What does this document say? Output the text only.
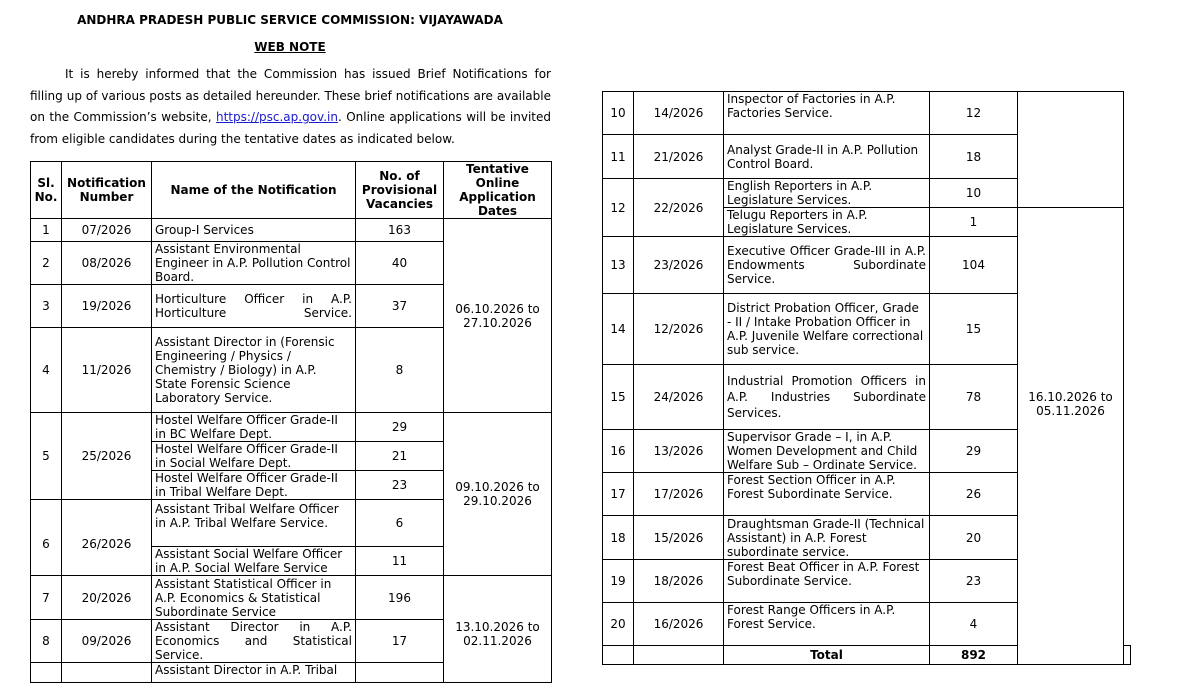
ANDHRA PRADESH PUBLIC SERVICE COMMISSION: VIJAYAWADA
WEB NOTE

It is hereby informed that the Commission has issued Brief Notifications for filling up of various posts as detailed hereunder. These brief notifications are available on the Commission’s website, https://psc.ap.gov.in. Online applications will be invited from eligible candidates during the tentative dates as indicated below.

Sl. No.	Notification Number	Name of the Notification	No. of Provisional Vacancies	Tentative Online Application Dates
1	07/2026	Group-I Services	163	06.10.2026 to 27.10.2026
2	08/2026	Assistant Environmental Engineer in A.P. Pollution Control Board.	40	
3	19/2026	Horticulture Officer in A.P. Horticulture Service.	37	
4	11/2026	Assistant Director in (Forensic Engineering / Physics / Chemistry / Biology) in A.P. State Forensic Science Laboratory Service.	8	
5	25/2026	Hostel Welfare Officer Grade-II in BC Welfare Dept.	29	09.10.2026 to 29.10.2026
		Hostel Welfare Officer Grade-II in Social Welfare Dept.	21	
		Hostel Welfare Officer Grade-II in Tribal Welfare Dept.	23	
6	26/2026	Assistant Tribal Welfare Officer in A.P. Tribal Welfare Service.	6	
		Assistant Social Welfare Officer in A.P. Social Welfare Service	11	
7	20/2026	Assistant Statistical Officer in A.P. Economics & Statistical Subordinate Service	196	13.10.2026 to 02.11.2026
8	09/2026	Assistant Director in A.P. Economics and Statistical Service.	17	
		Assistant Director in A.P. Tribal		
10	14/2026	Inspector of Factories in A.P. Factories Service.	12		
11	21/2026	Analyst Grade-II in A.P. Pollution Control Board.	18		
12	22/2026	English Reporters in A.P. Legislature Services.	10		
		Telugu Reporters in A.P. Legislature Services.	1	16.10.2026 to 05.11.2026	
13	23/2026	Executive Officer Grade-III in A.P. Endowments Subordinate Service.	104		
14	12/2026	District Probation Officer, Grade - II / Intake Probation Officer in A.P. Juvenile Welfare correctional sub service.	15		
15	24/2026	Industrial Promotion Officers in A.P. Industries Subordinate Services.	78		
16	13/2026	Supervisor Grade – I, in A.P. Women Development and Child Welfare Sub – Ordinate Service.	29		
17	17/2026	Forest Section Officer in A.P. Forest Subordinate Service.	26		
18	15/2026	Draughtsman Grade-II (Technical Assistant) in A.P. Forest subordinate service.	20		
19	18/2026	Forest Beat Officer in A.P. Forest Subordinate Service.	23		
20	16/2026	Forest Range Officers in A.P. Forest Service.	4		
		Total	892		
